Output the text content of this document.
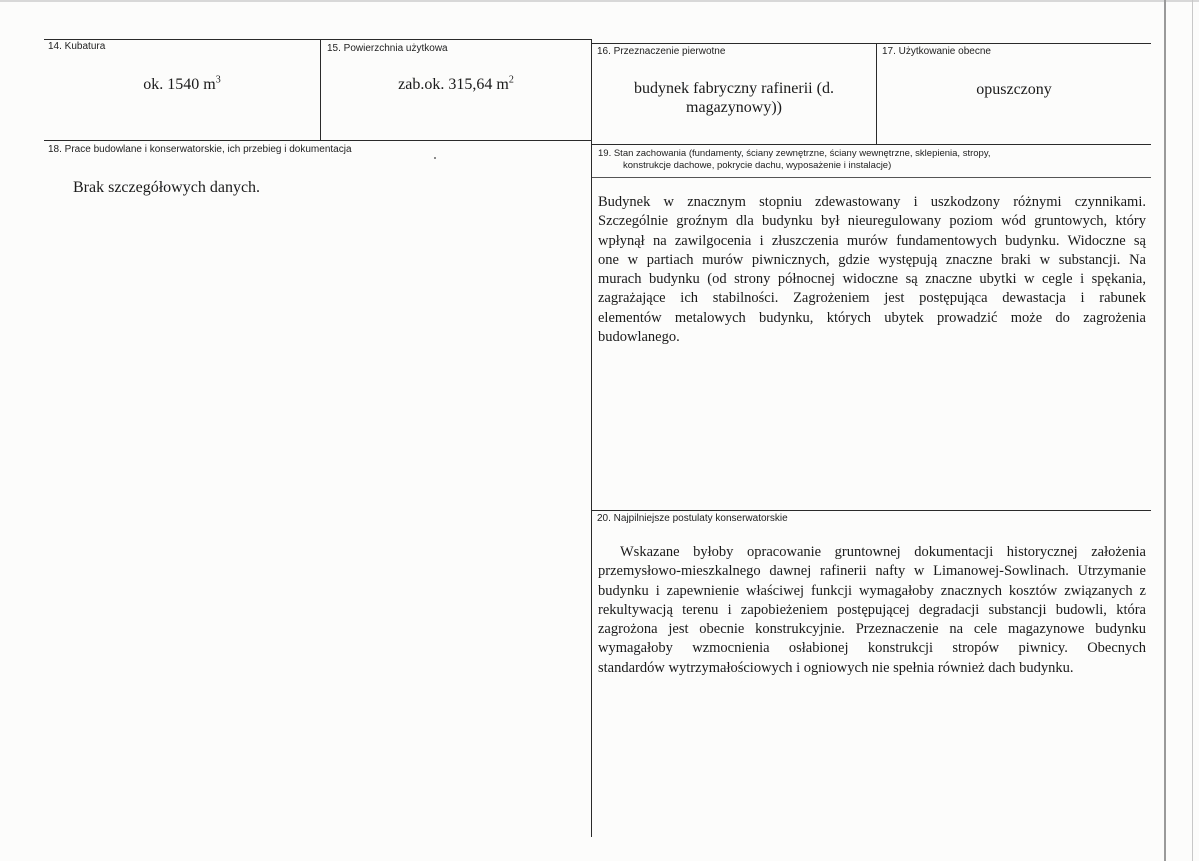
14. Kubatura
ok. 1540 $m^3$
15. Powierzchnia użytkowa
zab.ok. 315,64 $m^2$
16. Przeznaczenie pierwotne
budynek fabryczny rafinerii (d.
magazynowy))
17. Użytkowanie obecne
opuszczony
18. Prace budowlane i konserwatorskie, ich przebieg i dokumentacja
Brak szczegółowych danych.
19. Stan zachowania (fundamenty, ściany zewnętrzne, ściany wewnętrzne, sklepienia, stropy,
konstrukcje dachowe, pokrycie dachu, wyposażenie i instalacje)
Budynek w znacznym stopniu zdewastowany i uszkodzony różnymi czynnikami.
Szczególnie groźnym dla budynku był nieuregulowany poziom wód gruntowych, który
wpłynął na zawilgocenia i złuszczenia murów fundamentowych budynku. Widoczne są
one w partiach murów piwnicznych, gdzie występują znaczne braki w substancji. Na
murach budynku (od strony północnej widoczne są znaczne ubytki w cegle i spękania,
zagrażające ich stabilności. Zagrożeniem jest postępująca dewastacja i rabunek
elementów metalowych budynku, których ubytek prowadzić może do zagrożenia
budowlanego.
20. Najpilniejsze postulaty konserwatorskie
Wskazane byłoby opracowanie gruntownej dokumentacji historycznej założenia
przemysłowo-mieszkalnego dawnej rafinerii nafty w Limanowej-Sowlinach. Utrzymanie
budynku i zapewnienie właściwej funkcji wymagałoby znacznych kosztów związanych z
rekultywacją terenu i zapobieżeniem postępującej degradacji substancji budowli, która
zagrożona jest obecnie konstrukcyjnie. Przeznaczenie na cele magazynowe budynku
wymagałoby wzmocnienia osłabionej konstrukcji stropów piwnicy. Obecnych
standardów wytrzymałościowych i ogniowych nie spełnia również dach budynku.
